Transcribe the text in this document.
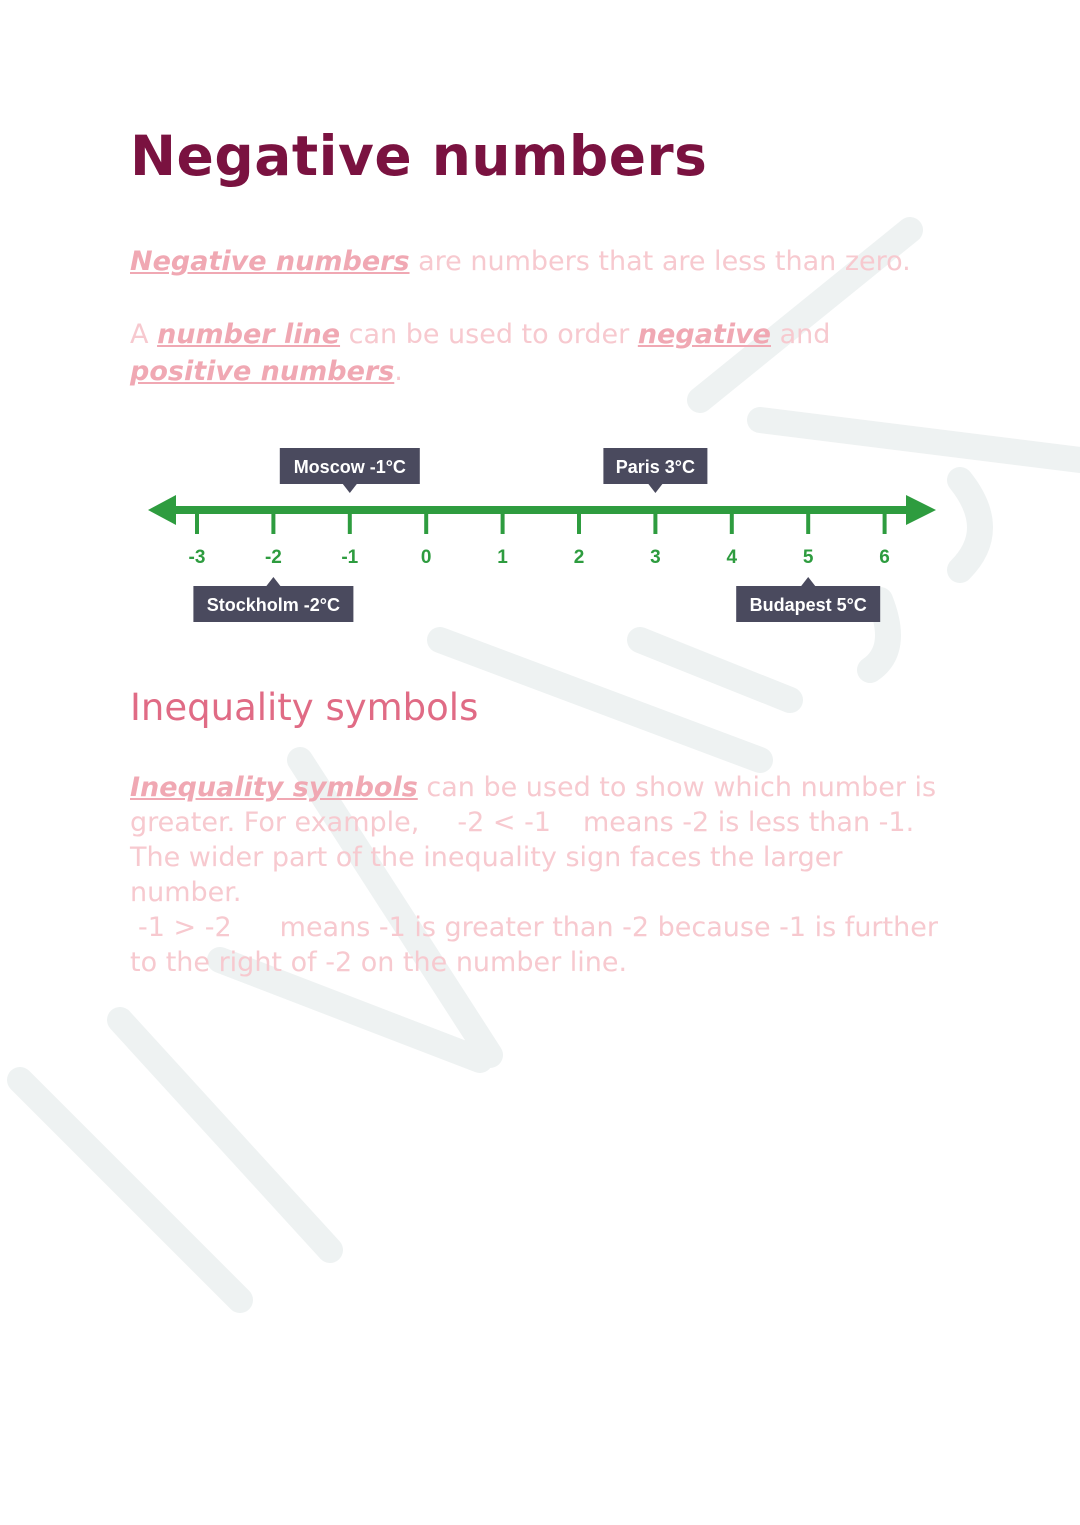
Negative numbers

Negative numbers are numbers that are less than zero.

A number line can be used to order negative and positive numbers.

-3	-2	-1	0	1	2	3	4	5	6
Moscow -1°C	Paris 3°C
Stockholm -2°C	Budapest 5°C
Inequality symbols

Inequality symbols can be used to show which number is greater. For example, -2 < -1 means -2 is less than -1. The wider part of the inequality sign faces the larger number.
-1 > -2 means -1 is greater than -2 because -1 is further to the right of -2 on the number line.
